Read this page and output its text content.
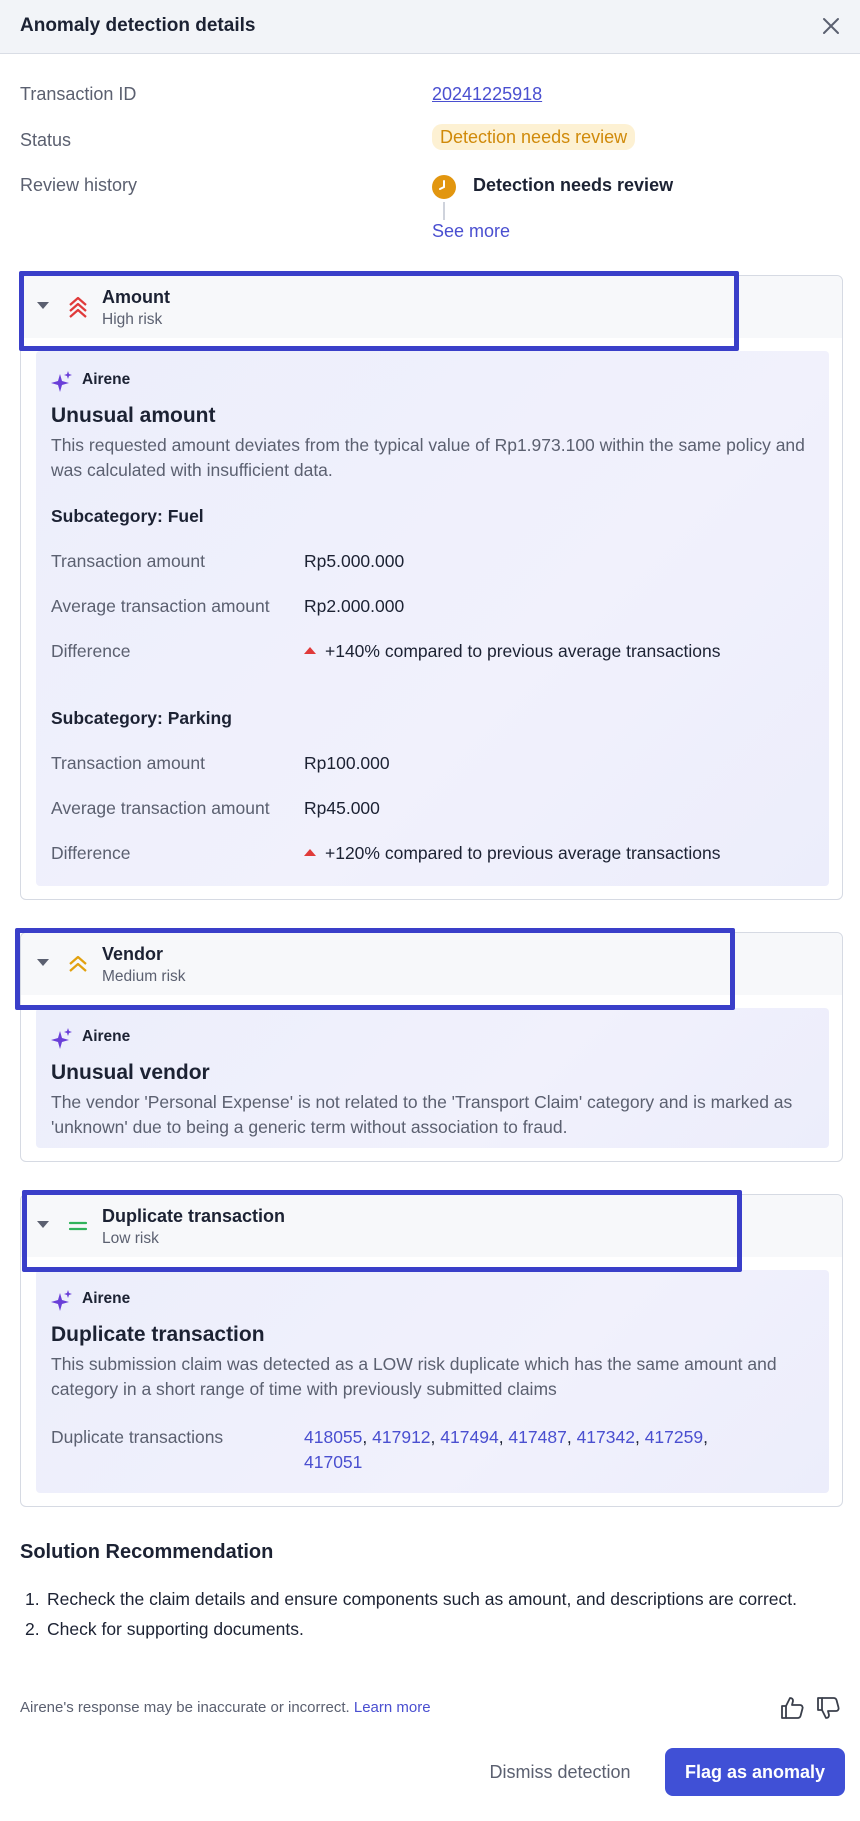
Anomaly detection details
Transaction ID	20241225918
Status	Detection needs review
Review history	Detection needs review
See more
Amount
High risk
Airene
Unusual amount
This requested amount deviates from the typical value of Rp1.973.100 within the same policy and was calculated with insufficient data.
Subcategory: Fuel
Transaction amount	Rp5.000.000
Average transaction amount Rp2.000.000
Difference	+140% compared to previous average transactions
Subcategory: Parking
Transaction amount	Rp100.000
Average transaction amount Rp45.000
Difference	+120% compared to previous average transactions
Vendor
Medium risk
Airene
Unusual vendor
The vendor 'Personal Expense' is not related to the 'Transport Claim' category and is marked as 'unknown' due to being a generic term without association to fraud.
Duplicate transaction
Low risk
Airene
Duplicate transaction
This submission claim was detected as a LOW risk duplicate which has the same amount and category in a short range of time with previously submitted claims
Duplicate transactions	418055, 417912, 417494, 417487, 417342, 417259,
417051
Solution Recommendation
1. Recheck the claim details and ensure components such as amount, and descriptions are correct.
2. Check for supporting documents.
Airene's response may be inaccurate or incorrect. Learn more
Dismiss detection	Flag as anomaly
